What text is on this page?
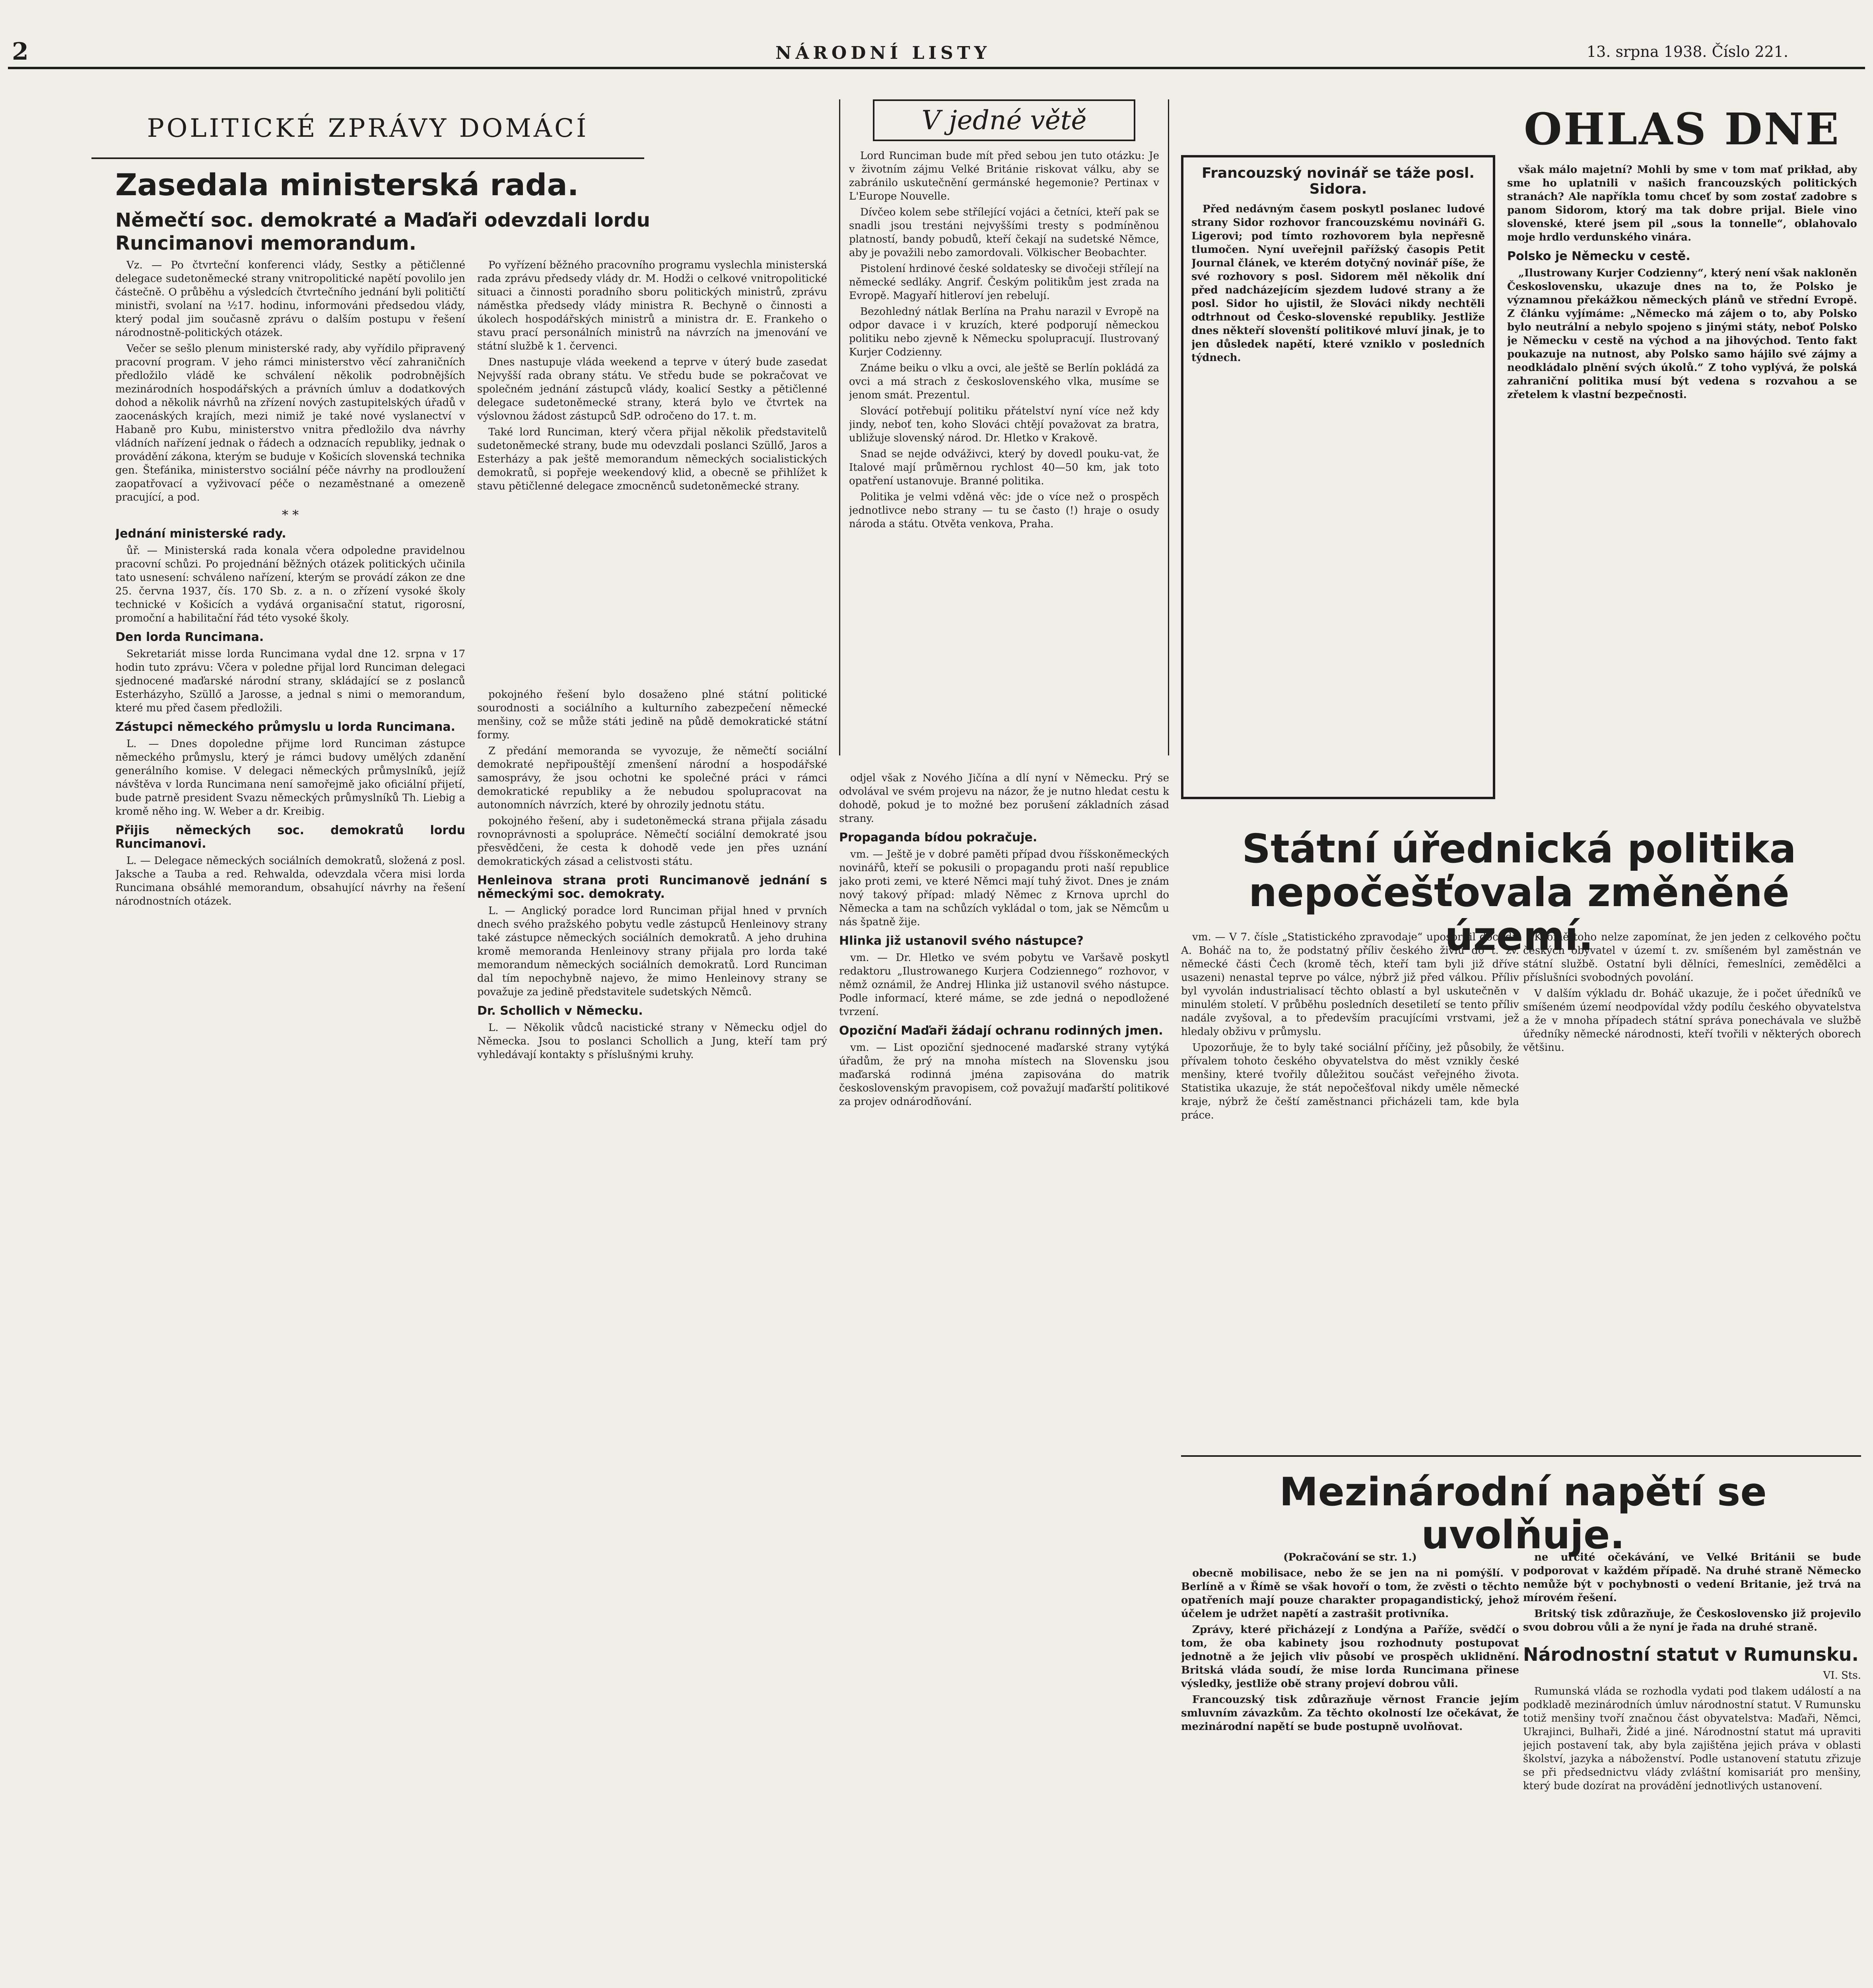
2	NÁRODNÍ LISTY	13. srpna 1938. Číslo 221.
POLITICKÉ ZPRÁVY DOMÁCÍ
Zasedala ministerská rada.
Němečtí soc. demokraté a Maďaři odevzdali lordu Runcimanovi memorandum.

Vz. — Po čtvrteční konferenci vlády, Sestky a pětičlenné delegace sudetoněmecké strany vnitropolitické napětí povolilo jen částečně. O průběhu a výsledcích čtvrtečního jednání byli političtí ministři, svolaní na ½17. hodinu, informováni předsedou vlády, který podal jim současně zprávu o dalším postupu v řešení národnostně-politických otázek.

Večer se sešlo plenum ministerské rady, aby vyřídilo připravený pracovní program. V jeho rámci ministerstvo věcí zahraničních předložilo vládě ke schválení několik podrobnějších mezinárodních hospodářských a právních úmluv a dodatkových dohod a několik návrhů na zřízení nových zastupitelských úřadů v zaocenáských krajích, mezi nimiž je také nové vyslanectví v Habaně pro Kubu, ministerstvo vnitra předložilo dva návrhy vládních nařízení jednak o řádech a odznacích republiky, jednak o provádění zákona, kterým se buduje v Košicích slovenská technika gen. Štefánika, ministerstvo sociální péče návrhy na prodloužení zaopatřovací a vyživovací péče o nezaměstnané a omezeně pracující, a pod.

* *
Jednání ministerské rady.

ůř. — Ministerská rada konala včera odpoledne pravidelnou pracovní schůzi. Po projednání běžných otázek politických učinila tato usnesení: schváleno nařízení, kterým se provádí zákon ze dne 25. června 1937, čís. 170 Sb. z. a n. o zřízení vysoké školy technické v Košicích a vydává organisační statut, rigorosní, promoční a habilitační řád této vysoké školy.

Den lorda Runcimana.

Sekretariát misse lorda Runcimana vydal dne 12. srpna v 17 hodin tuto zprávu: Včera v poledne přijal lord Runciman delegaci sjednocené maďarské národní strany, skládající se z poslanců Esterházyho, Szüllő a Jarosse, a jednal s nimi o memorandum, které mu před časem předložili.

Zástupci německého průmyslu u lorda Runcimana.

L. — Dnes dopoledne přijme lord Runciman zástupce německého průmyslu, který je rámci budovy umělých zdanění generálního komise. V delegaci německých průmyslníků, jejíž návštěva v lorda Runcimana není samořejmě jako oficiální přijetí, bude patrně president Svazu německých průmyslníků Th. Liebig a kromě něho ing. W. Weber a dr. Kreibig.

Přijis německých soc. demokratů lordu Runcimanovi.

L. — Delegace německých sociálních demokratů, složená z posl. Jaksche a Tauba a red. Rehwalda, odevzdala včera misi lorda Runcimana obsáhlé memorandum, obsahující návrhy na řešení národnostních otázek.

Po vyřízení běžného pracovního programu vyslechla ministerská rada zprávu předsedy vlády dr. M. Hodži o celkové vnitropolitické situaci a činnosti poradního sboru politických ministrů, zprávu náměstka předsedy vlády ministra R. Bechyně o činnosti a úkolech hospodářských ministrů a ministra dr. E. Frankeho o stavu prací personálních ministrů na návrzích na jmenování ve státní službě k 1. červenci.

Dnes nastupuje vláda weekend a teprve v úterý bude zasedat Nejvyšší rada obrany státu. Ve středu bude se pokračovat ve společném jednání zástupců vlády, koalicí Sestky a pětičlenné delegace sudetoněmecké strany, která bylo ve čtvrtek na výslovnou žádost zástupců SdP. odročeno do 17. t. m.

Také lord Runciman, který včera přijal několik představitelů sudetoněmecké strany, bude mu odevzdali poslanci Szüllő, Jaros a Esterházy a pak ještě memorandum německých socialistických demokratů, si popřeje weekendový klid, a obecně se přihlížet k stavu pětičlenné delegace zmocněnců sudetoněmecké strany.

pokojného řešení bylo dosaženo plné státní politické sourodnosti a sociálního a kulturního zabezpečení německé menšiny, což se může státi jedině na půdě demokratické státní formy.

Z předání memoranda se vyvozuje, že němečtí sociální demokraté nepřipouštějí zmenšení národní a hospodářské samosprávy, že jsou ochotni ke společné práci v rámci demokratické republiky a že nebudou spolupracovat na autonomních návrzích, které by ohrozily jednotu státu.

pokojného řešení, aby i sudetoněmecká strana přijala zásadu rovnoprávnosti a spolupráce. Němečtí sociální demokraté jsou přesvědčeni, že cesta k dohodě vede jen přes uznání demokratických zásad a celistvosti státu.

Henleinova strana proti Runcimanově jednání s německými soc. demokraty.

L. — Anglický poradce lord Runciman přijal hned v prvních dnech svého pražského pobytu vedle zástupců Henleinovy strany také zástupce německých sociálních demokratů. A jeho druhina kromě memoranda Henleinovy strany přijala pro lorda také memorandum německých sociálních demokratů. Lord Runciman dal tím nepochybně najevo, že mimo Henleinovy strany se považuje za jedině představitele sudetských Němců.

Dr. Schollich v Německu.

L. — Několik vůdců nacistické strany v Německu odjel do Německa. Jsou to poslanci Schollich a Jung, kteří tam prý vyhledávají kontakty s příslušnými kruhy.

V jedné větě

Lord Runciman bude mít před sebou jen tuto otázku: Je v životním zájmu Velké Británie riskovat válku, aby se zabránilo uskutečnění germánské hegemonie? Pertinax v L'Europe Nouvelle.

Dívčeo kolem sebe střílející vojáci a četníci, kteří pak se snadli jsou trestáni nejvyššími tresty s podmíněnou platností, bandy pobudů, kteří čekají na sudetské Němce, aby je považili nebo zamordovali. Völkischer Beobachter.

Pistolení hrdinové české soldatesky se divočeji střílejí na německé sedláky. Angrif. Českým politikům jest zrada na Evropě. Magyaří hitleroví jen rebelují.

Bezohledný nátlak Berlína na Prahu narazil v Evropě na odpor davace i v kruzích, které podporují německou politiku nebo zjevně k Německu spolupracují. Ilustrovaný Kurjer Codzienny.

Známe beiku o vlku a ovci, ale ještě se Berlín pokládá za ovci a má strach z československého vlka, musíme se jenom smát. Prezentul.

Slovácí potřebují politiku přátelství nyní více než kdy jindy, neboť ten, koho Slováci chtějí považovat za bratra, ubližuje slovenský národ. Dr. Hletko v Krakově.

Snad se nejde odváživci, který by dovedl pouku-vat, že Italové mají průměrnou rychlost 40—50 km, jak toto opatření ustanovuje. Branné politika.

Politika je velmi vděná věc: jde o více než o prospěch jednotlivce nebo strany — tu se často (!) hraje o osudy národa a státu. Otvěta venkova, Praha.

odjel však z Nového Jičína a dlí nyní v Německu. Prý se odvolával ve svém projevu na názor, že je nutno hledat cestu k dohodě, pokud je to možné bez porušení základních zásad strany.

Propaganda bídou pokračuje.

vm. — Ještě je v dobré paměti případ dvou říšskoněmeckých novinářů, kteří se pokusili o propagandu proti naší republice jako proti zemi, ve které Němci mají tuhý život. Dnes je znám nový takový případ: mladý Němec z Krnova uprchl do Německa a tam na schůzích vykládal o tom, jak se Němcům u nás špatně žije.

Hlinka již ustanovil svého nástupce?

vm. — Dr. Hletko ve svém pobytu ve Varšavě poskytl redaktoru „Ilustrowanego Kurjera Codziennego“ rozhovor, v němž oznámil, že Andrej Hlinka již ustanovil svého nástupce. Podle informací, které máme, se zde jedná o nepodložené tvrzení.

Opoziční Maďaři žádají ochranu rodinných jmen.

vm. — List opoziční sjednocené maďarské strany vytýká úřadům, že prý na mnoha místech na Slovensku jsou maďarská rodinná jména zapisována do matrik československým pravopisem, což považují maďarští politikové za projev odnárodňování.

OHLAS DNE
Francouzský novinář se táže posl. Sidora.

Před nedávným časem poskytl poslanec ludové strany Sidor rozhovor francouzskému novináři G. Ligerovi; pod tímto rozhovorem byla nepřesně tlumočen. Nyní uveřejnil pařížský časopis Petit Journal článek, ve kterém dotyčný novinář píše, že své rozhovory s posl. Sidorem měl několik dní před nadcházejícím sjezdem ludové strany a že posl. Sidor ho ujistil, že Slováci nikdy nechtěli odtrhnout od Česko-slovenské republiky. Jestliže dnes někteří slovenští politikové mluví jinak, je to jen důsledek napětí, které vzniklo v posledních týdnech.

však málo majetní? Mohli by sme v tom mať prikład, aby sme ho uplatnili v našich francouzských politických stranách? Ale napříkla tomu chceť by som zostať zadobre s panom Sidorom, ktorý ma tak dobre prijal. Biele vino slovenské, které jsem pil „sous la tonnelle“, oblahovalo moje hrdlo verdunského vinára.

Polsko je Německu v cestě.

„Ilustrowany Kurjer Codzienny“, který není však nakloněn Československu, ukazuje dnes na to, že Polsko je významnou překážkou německých plánů ve střední Evropě. Z článku vyjímáme: „Německo má zájem o to, aby Polsko bylo neutrální a nebylo spojeno s jinými státy, neboť Polsko je Německu v cestě na východ a na jihovýchod. Tento fakt poukazuje na nutnost, aby Polsko samo hájilo své zájmy a neodkládalo plnění svých úkolů.“ Z toho vyplývá, že polská zahraniční politika musí být vedena s rozvahou a se zřetelem k vlastní bezpečnosti.

Státní úřednická politika nepočešťovala změněné území.

vm. — V 7. čísle „Statistického zpravodaje“ uposornil doc. dr. A. Boháč na to, že podstatný příliv českého živlu do t. zv. německé části Čech (kromě těch, kteří tam byli již dříve usazeni) nenastal teprve po válce, nýbrž již před válkou. Příliv byl vyvolán industrialisací těchto oblastí a byl uskutečněn v minulém století. V průběhu posledních desetiletí se tento příliv nadále zvyšoval, a to především pracujícími vrstvami, jež hledaly obživu v průmyslu.

Upozorňuje, že to byly také sociální příčiny, jež působily, že přívalem tohoto českého obyvatelstva do měst vznikly české menšiny, které tvořily důležitou součást veřejného života. Statistika ukazuje, že stát nepočešťoval nikdy uměle německé kraje, nýbrž že čeští zaměstnanci přicházeli tam, kde byla práce.

Kromě toho nelze zapomínat, že jen jeden z celkového počtu českých obyvatel v území t. zv. smíšeném byl zaměstnán ve státní službě. Ostatní byli dělníci, řemeslníci, zemědělci a příslušníci svobodných povolání.

V dalším výkladu dr. Boháč ukazuje, že i počet úředníků ve smíšeném území neodpovídal vždy podílu českého obyvatelstva a že v mnoha případech státní správa ponechávala ve službě úředníky německé národnosti, kteří tvořili v některých oborech většinu.

Mezinárodní napětí se uvolňuje.

(Pokračování se str. 1.)

obecně mobilisace, nebo že se jen na ni pomýšlí. V Berlíně a v Římě se však hovoří o tom, že zvěsti o těchto opatřeních mají pouze charakter propagandistický, jehož účelem je udržet napětí a zastrašit protivníka.

Zprávy, které přicházejí z Londýna a Paříže, svědčí o tom, že oba kabinety jsou rozhodnuty postupovat jednotně a že jejich vliv působí ve prospěch uklidnění. Britská vláda soudí, že mise lorda Runcimana přinese výsledky, jestliže obě strany projeví dobrou vůli.

Francouzský tisk zdůrazňuje věrnost Francie jejím smluvním závazkům. Za těchto okolností lze očekávat, že mezinárodní napětí se bude postupně uvolňovat.

ne určité očekávání, ve Velké Británii se bude podporovat v každém případě. Na druhé straně Německo nemůže být v pochybnosti o vedení Britanie, jež trvá na mírovém řešení.

Britský tisk zdůrazňuje, že Československo již projevilo svou dobrou vůli a že nyní je řada na druhé straně.

Národnostní statut v Rumunsku.

VI. Sts.

Rumunská vláda se rozhodla vydati pod tlakem událostí a na podkladě mezinárodních úmluv národnostní statut. V Rumunsku totiž menšiny tvoří značnou část obyvatelstva: Maďaři, Němci, Ukrajinci, Bulhaři, Židé a jiné. Národnostní statut má upraviti jejich postavení tak, aby byla zajištěna jejich práva v oblasti školství, jazyka a náboženství. Podle ustanovení statutu zřizuje se při předsednictvu vlády zvláštní komisariát pro menšiny, který bude dozírat na provádění jednotlivých ustanovení.
